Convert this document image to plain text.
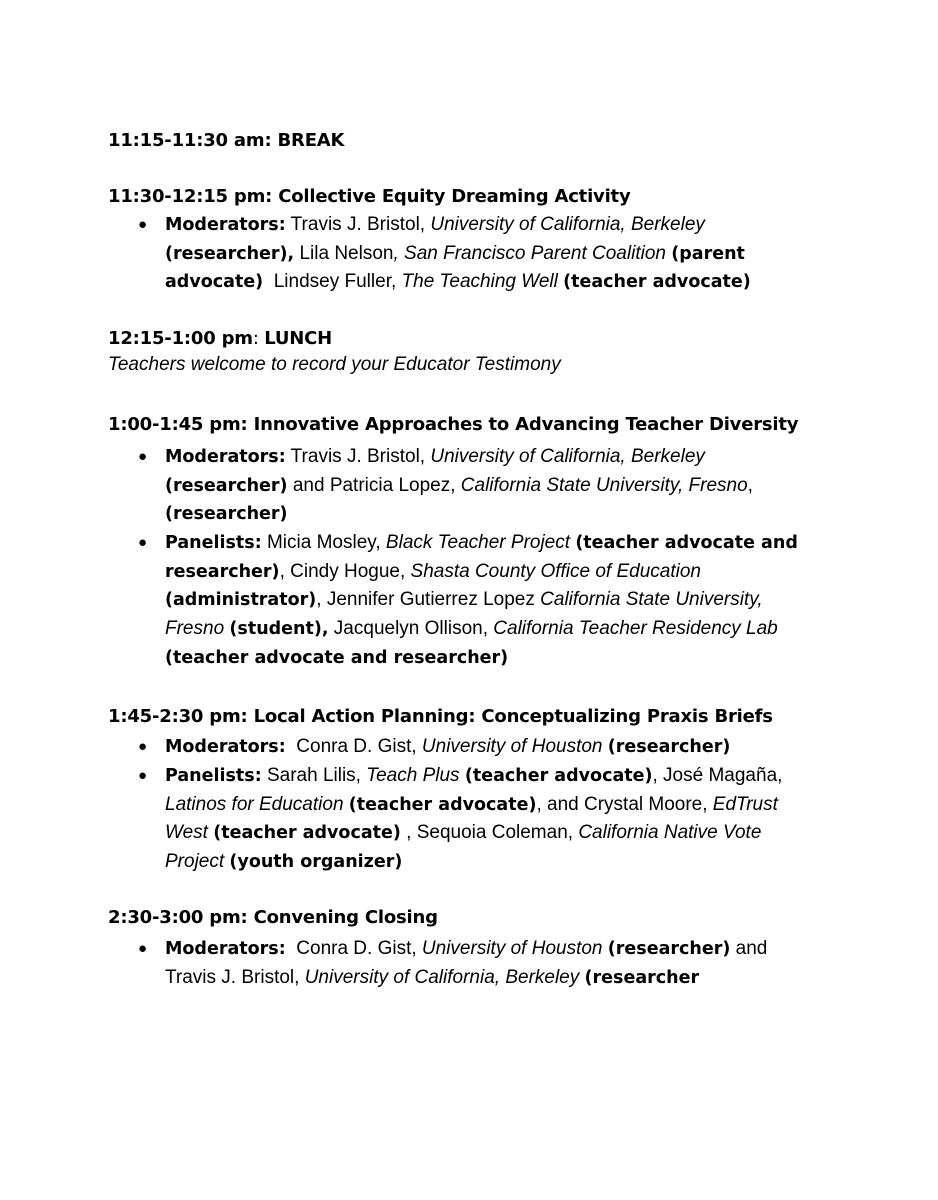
11:15-11:30 am: BREAK
11:30-12:15 pm: Collective Equity Dreaming Activity
● Moderators: Travis J. Bristol, University of California, Berkeley
(researcher), Lila Nelson, San Francisco Parent Coalition (parent
advocate)  Lindsey Fuller, The Teaching Well (teacher advocate)
12:15-1:00 pm: LUNCH
Teachers welcome to record your Educator Testimony
1:00-1:45 pm: Innovative Approaches to Advancing Teacher Diversity
● Moderators: Travis J. Bristol, University of California, Berkeley
(researcher) and Patricia Lopez, California State University, Fresno,
(researcher)
● Panelists: Micia Mosley, Black Teacher Project (teacher advocate and
researcher), Cindy Hogue, Shasta County Office of Education
(administrator), Jennifer Gutierrez Lopez California State University,
Fresno (student), Jacquelyn Ollison, California Teacher Residency Lab
(teacher advocate and researcher)
1:45-2:30 pm: Local Action Planning: Conceptualizing Praxis Briefs
● Moderators:  Conra D. Gist, University of Houston (researcher)
● Panelists: Sarah Lilis, Teach Plus (teacher advocate), José Magaña,
Latinos for Education (teacher advocate), and Crystal Moore, EdTrust
West (teacher advocate) , Sequoia Coleman, California Native Vote
Project (youth organizer)
2:30-3:00 pm: Convening Closing
● Moderators:  Conra D. Gist, University of Houston (researcher) and
Travis J. Bristol, University of California, Berkeley (researcher
